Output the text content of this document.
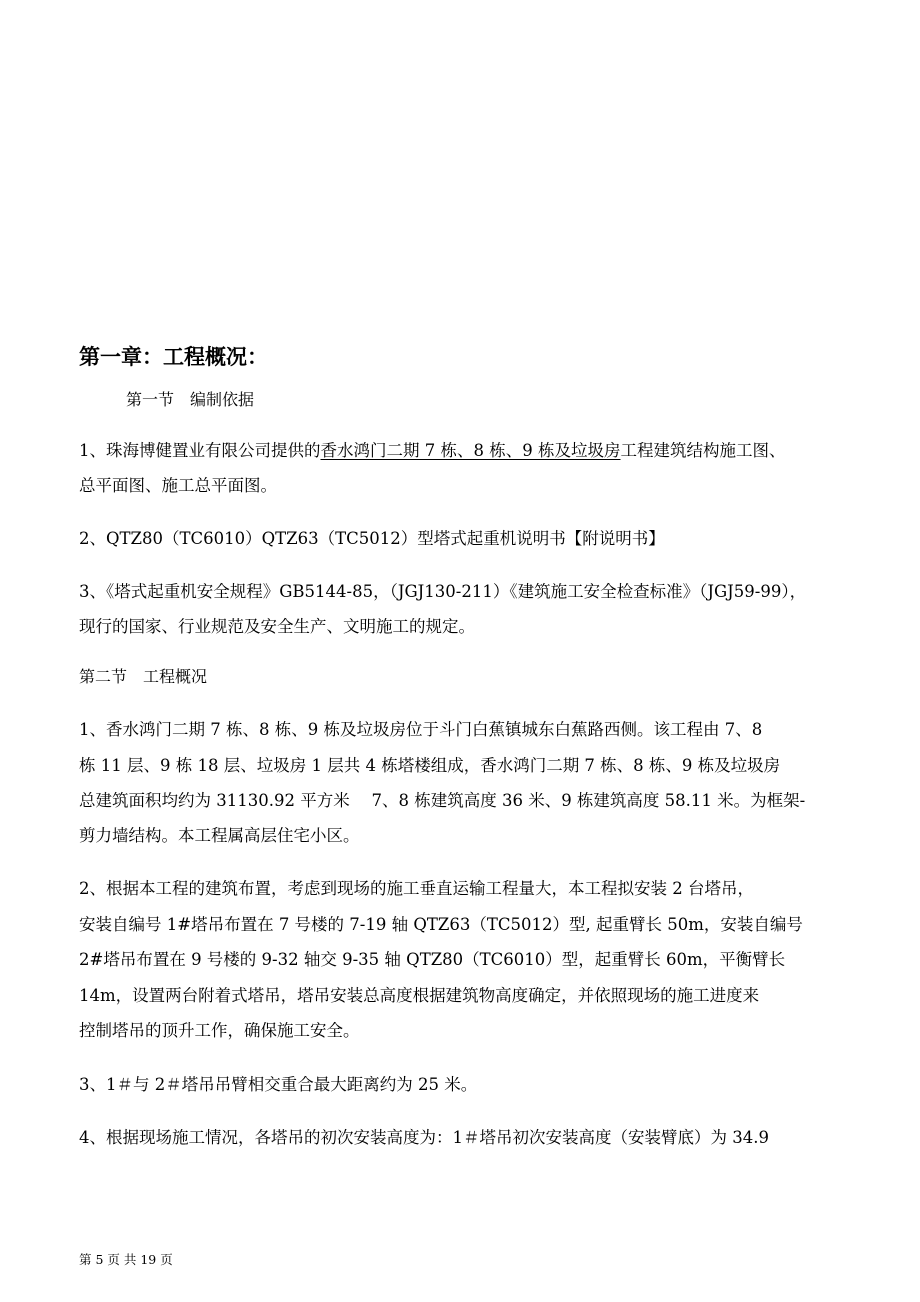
第一章：工程概况：
第一节　编制依据
1、珠海博健置业有限公司提供的香水鸿门二期 7 栋、8 栋、9 栋及垃圾房工程建筑结构施工图、
总平面图、施工总平面图。
2、QTZ80（TC6010）QTZ63（TC5012）型塔式起重机说明书【附说明书】
3、《塔式起重机安全规程》GB5144-85，（JGJ130-211）《建筑施工安全检查标准》（JGJ59-99），
现行的国家、行业规范及安全生产、文明施工的规定。
第二节　工程概况
1、香水鸿门二期 7 栋、8 栋、9 栋及垃圾房位于斗门白蕉镇城东白蕉路西侧。该工程由 7、8
栋 11 层、9 栋 18 层、垃圾房 1 层共 4 栋塔楼组成，香水鸿门二期 7 栋、8 栋、9 栋及垃圾房
总建筑面积均约为 31130.92 平方米　 7、8 栋建筑高度 36 米、9 栋建筑高度 58.11 米。为框架-
剪力墙结构。本工程属高层住宅小区。
2、根据本工程的建筑布置，考虑到现场的施工垂直运输工程量大，本工程拟安装 2 台塔吊，
安装自编号 1#塔吊布置在 7 号楼的 7-19 轴 QTZ63（TC5012）型, 起重臂长 50m，安装自编号
2#塔吊布置在 9 号楼的 9-32 轴交 9-35 轴 QTZ80（TC6010）型，起重臂长 60m，平衡臂长
14m，设置两台附着式塔吊，塔吊安装总高度根据建筑物高度确定，并依照现场的施工进度来
控制塔吊的顶升工作，确保施工安全。
3、1＃与 2＃塔吊吊臂相交重合最大距离约为 25 米。
4、根据现场施工情况，各塔吊的初次安装高度为：1＃塔吊初次安装高度（安装臂底）为 34.9
第 5 页 共 19 页
